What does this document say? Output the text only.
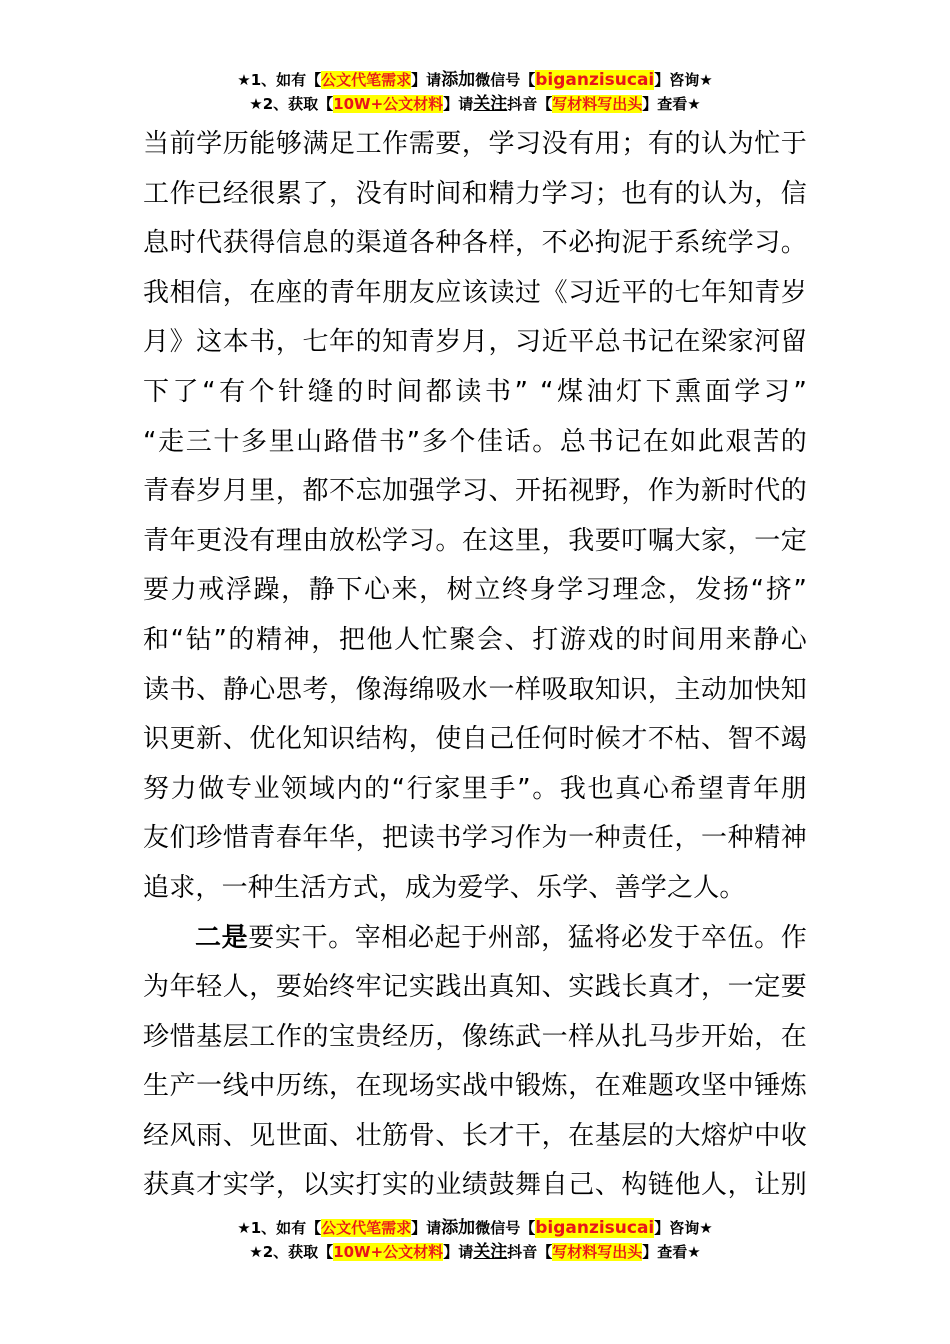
★1、如有【公文代笔需求】请添加微信号【biganzisucai】咨询★
★2、获取【10W+公文材料】请关注抖音【写材料写出头】查看★

当前学历能够满足工作需要，学习没有用；有的认为忙于
工作已经很累了，没有时间和精力学习；也有的认为，信
息时代获得信息的渠道各种各样，不必拘泥于系统学习。
我相信，在座的青年朋友应该读过《习近平的七年知青岁
月》这本书，七年的知青岁月，习近平总书记在梁家河留
下了“有个针缝的时间都读书” “煤油灯下熏面学习”
“走三十多里山路借书”多个佳话。总书记在如此艰苦的
青春岁月里，都不忘加强学习、开拓视野，作为新时代的
青年更没有理由放松学习。在这里，我要叮嘱大家，一定
要力戒浮躁，静下心来，树立终身学习理念，发扬“挤”
和“钻”的精神，把他人忙聚会、打游戏的时间用来静心
读书、静心思考，像海绵吸水一样吸取知识，主动加快知
识更新、优化知识结构，使自己任何时候才不枯、智不竭
努力做专业领域内的“行家里手”。我也真心希望青年朋
友们珍惜青春年华，把读书学习作为一种责任，一种精神
追求，一种生活方式，成为爱学、乐学、善学之人。

二是要实干。宰相必起于州部，猛将必发于卒伍。作
为年轻人，要始终牢记实践出真知、实践长真才，一定要
珍惜基层工作的宝贵经历，像练武一样从扎马步开始，在
生产一线中历练，在现场实战中锻炼，在难题攻坚中锤炼
经风雨、见世面、壮筋骨、长才干，在基层的大熔炉中收
获真才实学，以实打实的业绩鼓舞自己、构链他人，让别

★1、如有【公文代笔需求】请添加微信号【biganzisucai】咨询★
★2、获取【10W+公文材料】请关注抖音【写材料写出头】查看★
